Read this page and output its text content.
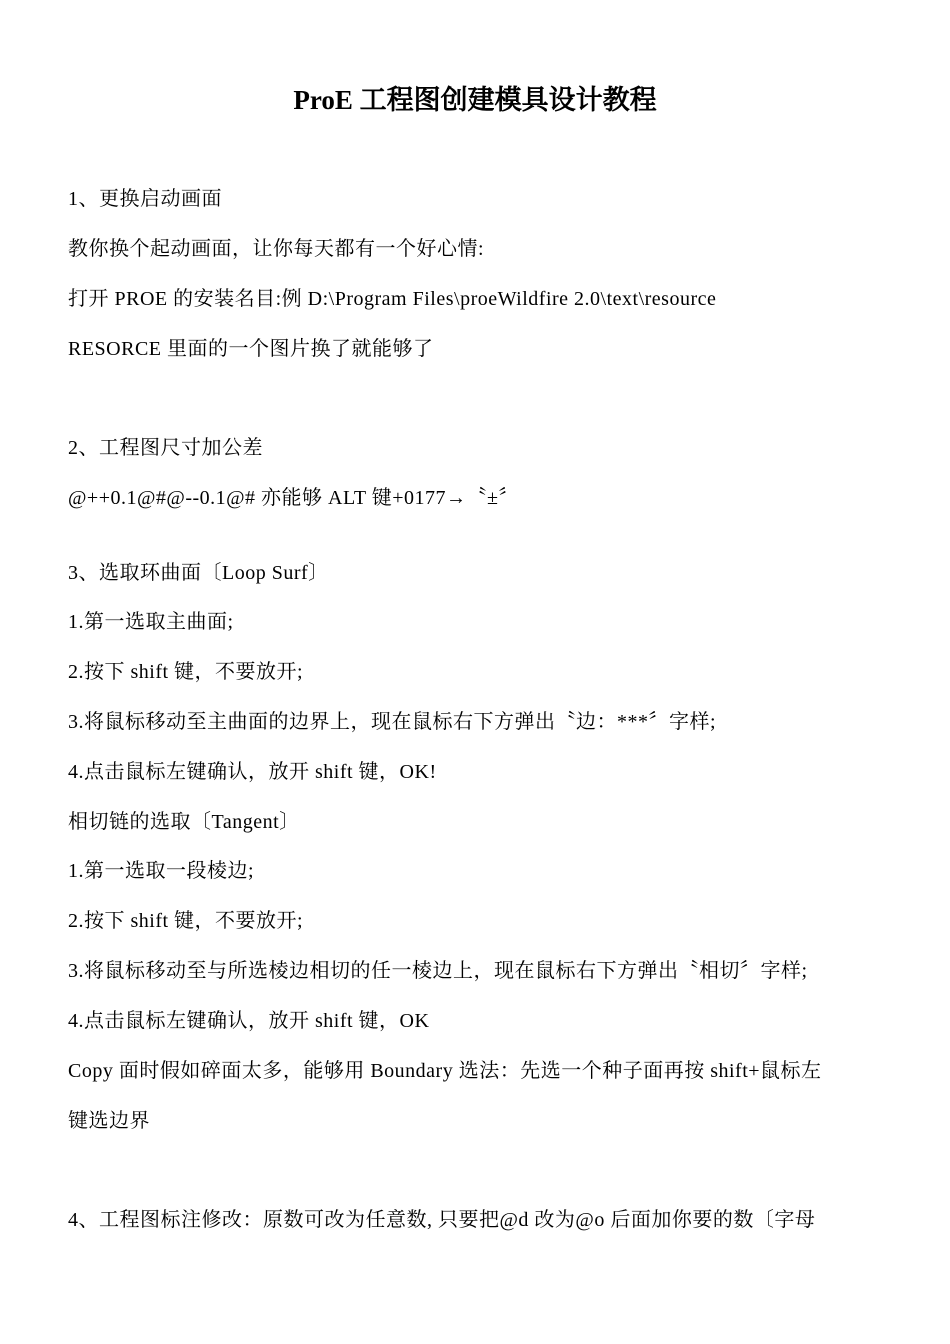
ProE 工程图创建模具设计教程
1、更换启动画面
教你换个起动画面，让你每天都有一个好心情:
打开 PROE 的安装名目:例 D:\Program Files\proeWildfire 2.0\text\resource
RESORCE 里面的一个图片换了就能够了
2、工程图尺寸加公差
@++0.1@#@--0.1@# 亦能够 ALT 键+0177→〝±〞
3、选取环曲面〔Loop Surf〕
1.第一选取主曲面;
2.按下 shift 键，不要放开;
3.将鼠标移动至主曲面的边界上，现在鼠标右下方弹出〝边：***〞字样;
4.点击鼠标左键确认，放开 shift 键，OK!
相切链的选取〔Tangent〕
1.第一选取一段棱边;
2.按下 shift 键，不要放开;
3.将鼠标移动至与所选棱边相切的任一棱边上，现在鼠标右下方弹出〝相切〞字样;
4.点击鼠标左键确认，放开 shift 键，OK
Copy 面时假如碎面太多，能够用 Boundary 选法：先选一个种子面再按 shift+鼠标左
键选边界
4、工程图标注修改：原数可改为任意数, 只要把@d 改为@o 后面加你要的数〔字母
